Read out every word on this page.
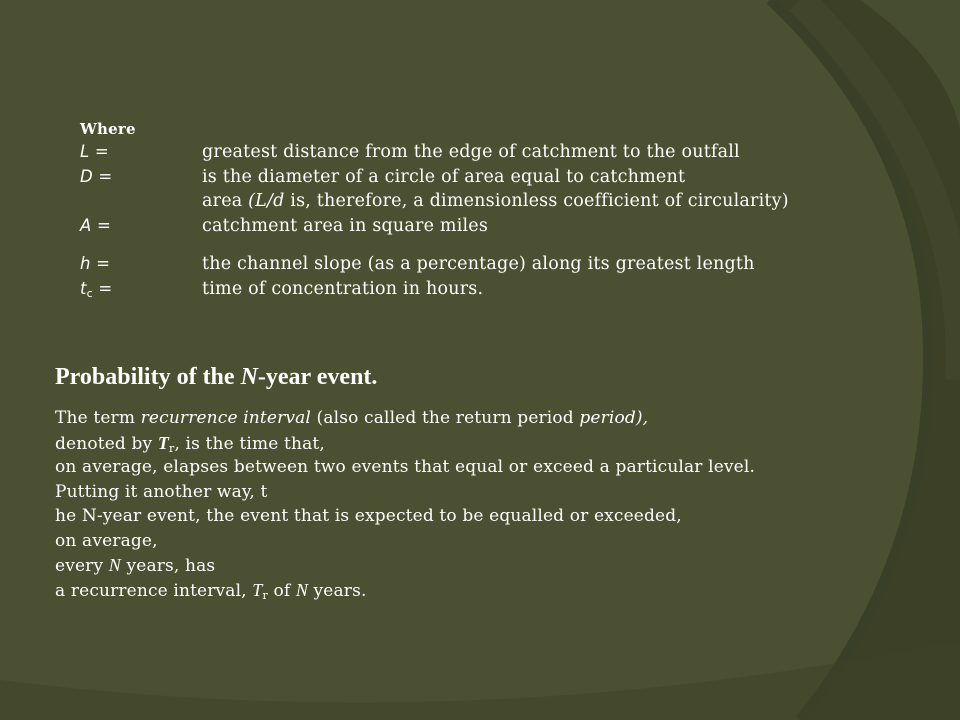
Where
L =	greatest distance from the edge of catchment to the outfall
D =	is the diameter of a circle of area equal to catchment
area (L/d is, therefore, a dimensionless coefficient of circularity)
A =	catchment area in square miles
h =	the channel slope (as a percentage) along its greatest length
tc =	time of concentration in hours.
Probability of the N-year event.
The term recurrence interval (also called the return period period),
denoted by Tr, is the time that,
on average, elapses between two events that equal or exceed a particular level.
Putting it another way, t
he N-year event, the event that is expected to be equalled or exceeded,
on average,
every N years, has
a recurrence interval, Tr of N years.
